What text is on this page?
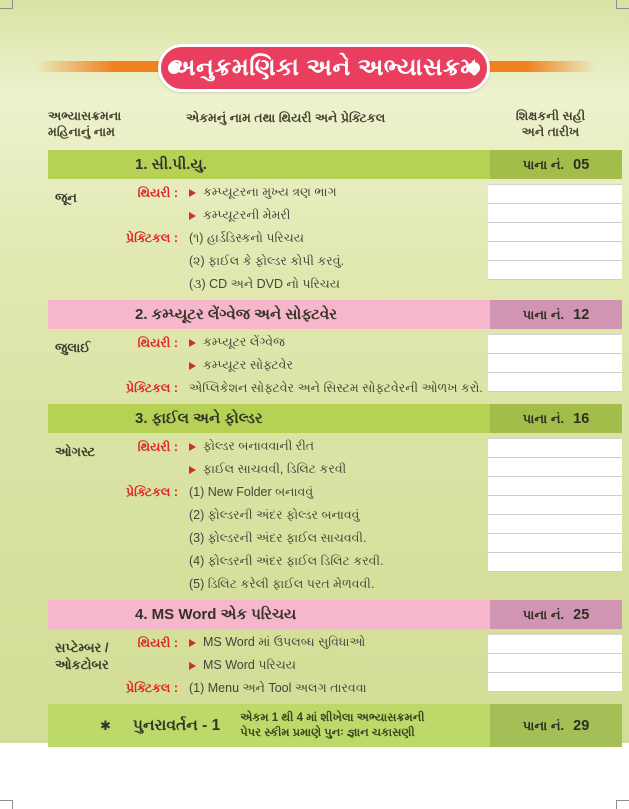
અનુક્રમણિકા અને અભ્યાસક્રમ
અભ્યાસક્રમના
મહિનાનું નામ
એકમનું નામ તથા થિયરી અને પ્રેક્ટિકલ	શિક્ષકની સહી
અને તારીખ
1. સી.પી.યુ.	પાના નં. 05
જૂન	થિયરી : કમ્પ્યૂટરના મુખ્ય ત્રણ ભાગ
કમ્પ્યૂટરની મેમરી
પ્રેક્ટિકલ : (૧) હાર્ડડિસ્કનો પરિચય
(૨) ફાઈલ કે ફોલ્ડર કોપી કરવું.
(૩) CD અને DVD નો પરિચય
2. કમ્પ્યૂટર લેંગ્વેજ અને સોફ્ટવેર	પાના નં. 12
જુલાઈ	થિયરી : કમ્પ્યૂટર લેંગ્વેજ
કમ્પ્યૂટર સોફ્ટવેર
પ્રેક્ટિકલ : એપ્લિકેશન સોફ્ટવેર અને સિસ્ટમ સોફ્ટવેરની ઓળખ કરો.
3. ફાઈલ અને ફોલ્ડર	પાના નં. 16
ઓગસ્ટ	થિયરી : ફોલ્ડર બનાવવાની રીત
ફાઈલ સાચવવી, ડિલિટ કરવી
પ્રેક્ટિકલ : (1) New Folder બનાવવું
(2) ફોલ્ડરની અંદર ફોલ્ડર બનાવવું
(3) ફોલ્ડરની અંદર ફાઈલ સાચવવી.
(4) ફોલ્ડરની અંદર ફાઈલ ડિલિટ કરવી.
(5) ડિલિટ કરેલી ફાઈલ પરત મેળવવી.
4. MS Word એક પરિચય	પાના નં. 25
સપ્ટેમ્બર /
ઓકટોબર
થિયરી : MS Word માં ઉપલબ્ધ સુવિધાઓ
MS Word પરિચય
પ્રેક્ટિકલ : (1) Menu અને Tool અલગ તારવવા
✱ પુનરાવર્તન - 1 એકમ 1 થી 4 માં શીખેલા અભ્યાસક્રમની
પેપર સ્કીમ પ્રમાણે પુનઃ જ્ઞાન ચકાસણી	પાના નં. 29
